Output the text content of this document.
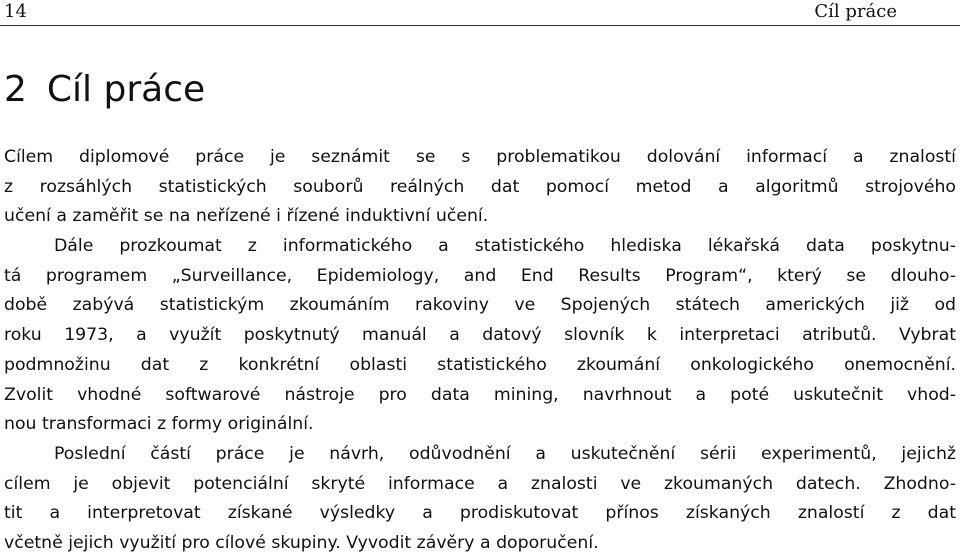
14	Cíl práce
2 Cíl práce
Cílem diplomové práce je seznámit se s problematikou dolování informací a znalostí
z rozsáhlých statistických souborů reálných dat pomocí metod a algoritmů strojového
učení a zaměřit se na neřízené i řízené induktivní učení.
Dále prozkoumat z informatického a statistického hlediska lékařská data poskytnu-
tá programem „Surveillance, Epidemiology, and End Results Program“, který se dlouho-
době zabývá statistickým zkoumáním rakoviny ve Spojených státech amerických již od
roku 1973, a využít poskytnutý manuál a datový slovník k interpretaci atributů. Vybrat
podmnožinu dat z konkrétní oblasti statistického zkoumání onkologického onemocnění.
Zvolit vhodné softwarové nástroje pro data mining, navrhnout a poté uskutečnit vhod-
nou transformaci z formy originální.
Poslední částí práce je návrh, odůvodnění a uskutečnění sérii experimentů, jejichž
cílem je objevit potenciální skryté informace a znalosti ve zkoumaných datech. Zhodno-
tit a interpretovat získané výsledky a prodiskutovat přínos získaných znalostí z dat
včetně jejich využití pro cílové skupiny. Vyvodit závěry a doporučení.
